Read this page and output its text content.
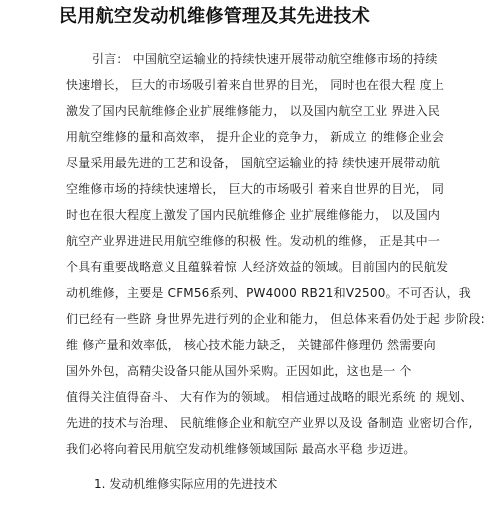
民用航空发动机维修管理及其先进技术
引言： 中国航空运输业的持续快速开展带动航空维修市场的持续
快速增长， 巨大的市场吸引着来自世界的目光， 同时也在很大程 度上
激发了国内民航维修企业扩展维修能力， 以及国内航空工业 界进入民
用航空维修的量和高效率， 提升企业的竞争力， 新成立 的维修企业会
尽量采用最先进的工艺和设备， 国航空运输业的持 续快速开展带动航
空维修市场的持续快速增长， 巨大的市场吸引 着来自世界的目光， 同
时也在很大程度上激发了国内民航维修企 业扩展维修能力， 以及国内
航空产业界进进民用航空维修的积极 性。发动机的维修， 正是其中一
个具有重要战略意义且蕴躲着惊 人经济效益的领域。目前国内的民航发
动机维修，主要是 CFM56系列、PW4000 RB21和V2500。不可否认，我
们已经有一些跻 身世界先进行列的企业和能力， 但总体来看仍处于起 步阶段:
维 修产量和效率低， 核心技术能力缺乏， 关键部件修理仍 然需要向
国外外包，高精尖设备只能从国外采购。正因如此，这也是一 个
值得关注值得奋斗、 大有作为的领域。 相信通过战略的眼光系统 的 规划、
先进的技术与治理、 民航维修企业和航空产业界以及设 备制造 业密切合作,
我们必将向着民用航空发动机维修领域国际 最高水平稳 步迈进。
1. 发动机维修实际应用的先进技术
